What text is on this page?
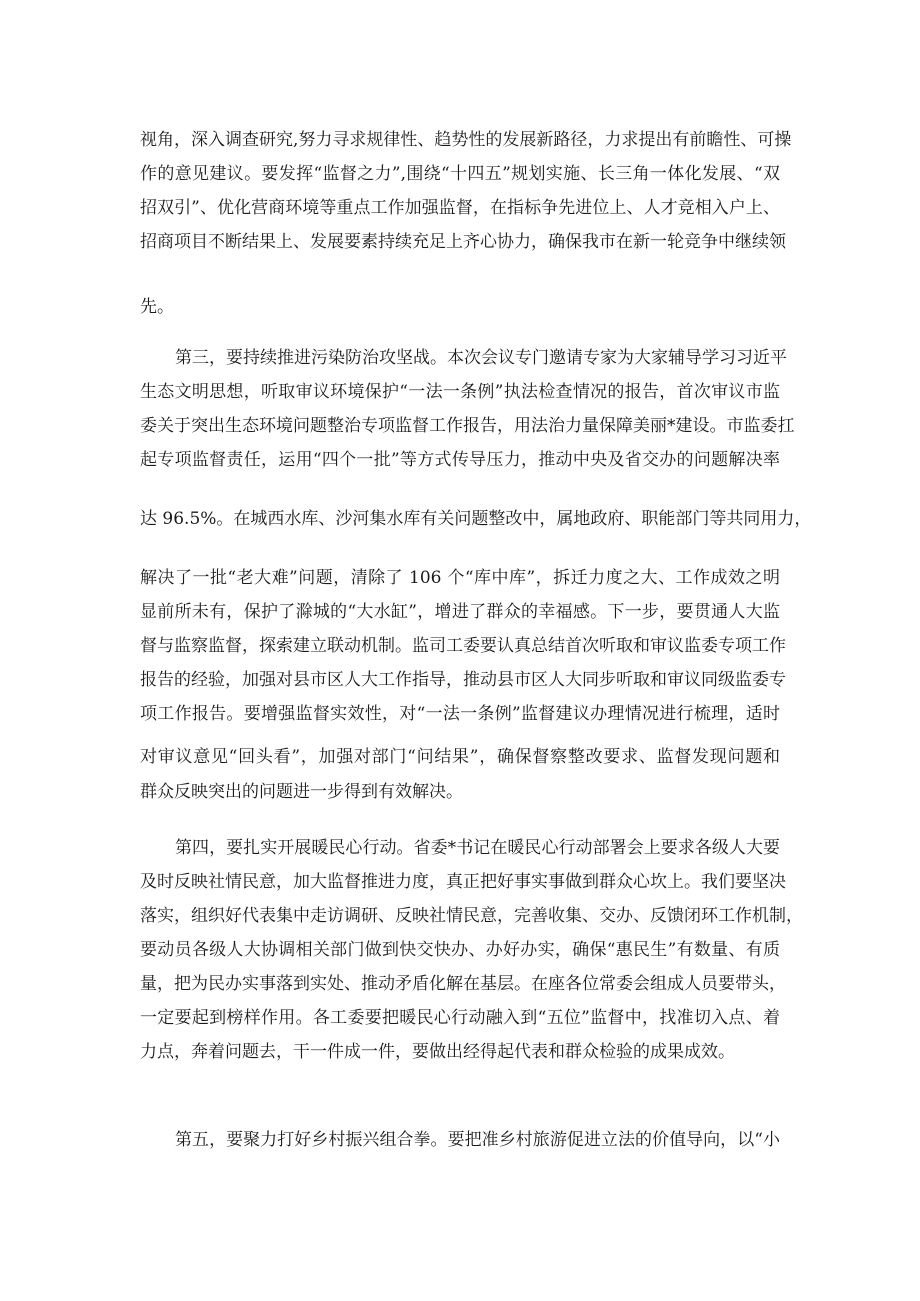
视角，深入调查研究,努力寻求规律性、趋势性的发展新路径，力求提出有前瞻性、可操
作的意见建议。要发挥“监督之力”,围绕“十四五”规划实施、长三角一体化发展、“双
招双引”、优化营商环境等重点工作加强监督，在指标争先进位上、人才竞相入户上、
招商项目不断结果上、发展要素持续充足上齐心协力，确保我市在新一轮竞争中继续领
先。
第三，要持续推进污染防治攻坚战。本次会议专门邀请专家为大家辅导学习习近平
生态文明思想，听取审议环境保护“一法一条例”执法检查情况的报告，首次审议市监
委关于突出生态环境问题整治专项监督工作报告，用法治力量保障美丽*建设。市监委扛
起专项监督责任，运用“四个一批”等方式传导压力，推动中央及省交办的问题解决率
达 96.5%。在城西水库、沙河集水库有关问题整改中，属地政府、职能部门等共同用力，
解决了一批“老大难”问题，清除了 106 个“库中库”，拆迁力度之大、工作成效之明
显前所未有，保护了滁城的“大水缸”，增进了群众的幸福感。下一步，要贯通人大监
督与监察监督，探索建立联动机制。监司工委要认真总结首次听取和审议监委专项工作
报告的经验，加强对县市区人大工作指导，推动县市区人大同步听取和审议同级监委专
项工作报告。要增强监督实效性，对“一法一条例”监督建议办理情况进行梳理，适时
对审议意见“回头看”，加强对部门“问结果”，确保督察整改要求、监督发现问题和
群众反映突出的问题进一步得到有效解决。
第四，要扎实开展暖民心行动。省委*书记在暖民心行动部署会上要求各级人大要
及时反映社情民意，加大监督推进力度，真正把好事实事做到群众心坎上。我们要坚决
落实，组织好代表集中走访调研、反映社情民意，完善收集、交办、反馈闭环工作机制，
要动员各级人大协调相关部门做到快交快办、办好办实，确保“惠民生”有数量、有质
量，把为民办实事落到实处、推动矛盾化解在基层。在座各位常委会组成人员要带头，
一定要起到榜样作用。各工委要把暖民心行动融入到“五位”监督中，找准切入点、着
力点，奔着问题去，干一件成一件，要做出经得起代表和群众检验的成果成效。
第五，要聚力打好乡村振兴组合拳。要把准乡村旅游促进立法的价值导向，以“小
